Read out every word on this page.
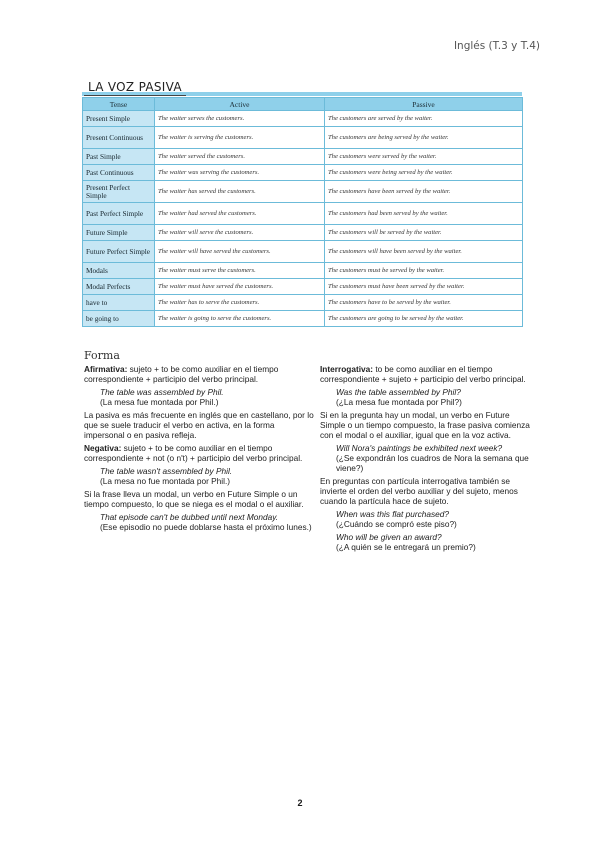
Inglés (T.3 y T.4)
LA VOZ PASIVA
Tense	Active	Passive
Present Simple	The waiter serves the customers.	The customers are served by the waiter.
Present Continuous	The waiter is serving the customers.	The customers are being served by the waiter.
Past Simple	The waiter served the customers.	The customers were served by the waiter.
Past Continuous	The waiter was serving the customers.	The customers were being served by the waiter.
Present Perfect Simple	The waiter has served the customers.	The customers have been served by the waiter.
Past Perfect Simple	The waiter had served the customers.	The customers had been served by the waiter.
Future Simple	The waiter will serve the customers.	The customers will be served by the waiter.
Future Perfect Simple	The waiter will have served the customers.	The customers will have been served by the waiter.
Modals	The waiter must serve the customers.	The customers must be served by the waiter.
Modal Perfects	The waiter must have served the customers.	The customers must have been served by the waiter.
have to	The waiter has to serve the customers.	The customers have to be served by the waiter.
be going to	The waiter is going to serve the customers.	The customers are going to be served by the waiter.
Forma

Afirmativa: sujeto + to be como auxiliar en el tiempo correspondiente + participio del verbo principal.

The table was assembled by Phil.

(La mesa fue montada por Phil.)

La pasiva es más frecuente en inglés que en castellano, por lo que se suele traducir el verbo en activa, en la forma impersonal o en pasiva refleja.

Negativa: sujeto + to be como auxiliar en el tiempo correspondiente + not (o n't) + participio del verbo principal.

The table wasn't assembled by Phil.

(La mesa no fue montada por Phil.)

Si la frase lleva un modal, un verbo en Future Simple o un tiempo compuesto, lo que se niega es el modal o el auxiliar.

That episode can't be dubbed until next Monday.

(Ese episodio no puede doblarse hasta el próximo lunes.)

Interrogativa: to be como auxiliar en el tiempo correspondiente + sujeto + participio del verbo principal.

Was the table assembled by Phil?

(¿La mesa fue montada por Phil?)

Si en la pregunta hay un modal, un verbo en Future Simple o un tiempo compuesto, la frase pasiva comienza con el modal o el auxiliar, igual que en la voz activa.

Will Nora's paintings be exhibited next week?

(¿Se expondrán los cuadros de Nora la semana que viene?)

En preguntas con partícula interrogativa también se invierte el orden del verbo auxiliar y del sujeto, menos cuando la partícula hace de sujeto.

When was this flat purchased?

(¿Cuándo se compró este piso?)

Who will be given an award?

(¿A quién se le entregará un premio?)

2
